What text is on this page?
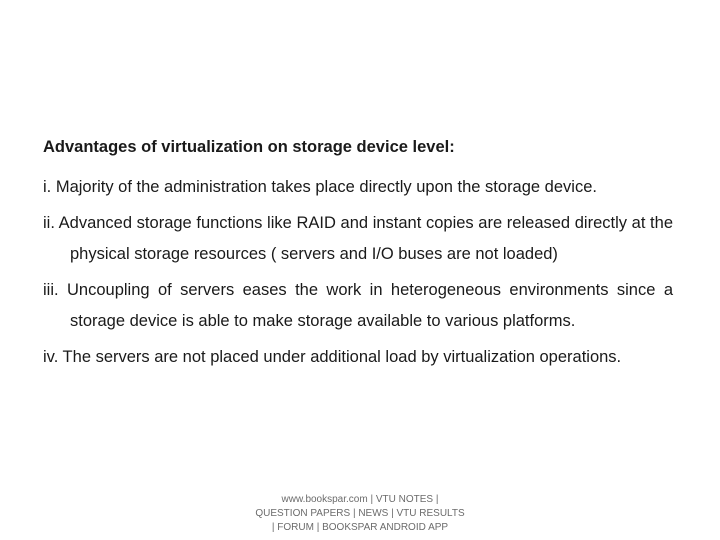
Advantages of virtualization on storage device level:
i. Majority of the administration takes place directly upon the storage device.
ii. Advanced storage functions like RAID and instant copies are released directly at the physical storage resources ( servers and I/O buses are not loaded)
iii. Uncoupling of servers eases the work in heterogeneous environments since a storage device is able to make storage available to various platforms.
iv. The servers are not placed under additional load by virtualization operations.
www.bookspar.com | VTU NOTES |
QUESTION PAPERS | NEWS | VTU RESULTS
| FORUM | BOOKSPAR ANDROID APP
